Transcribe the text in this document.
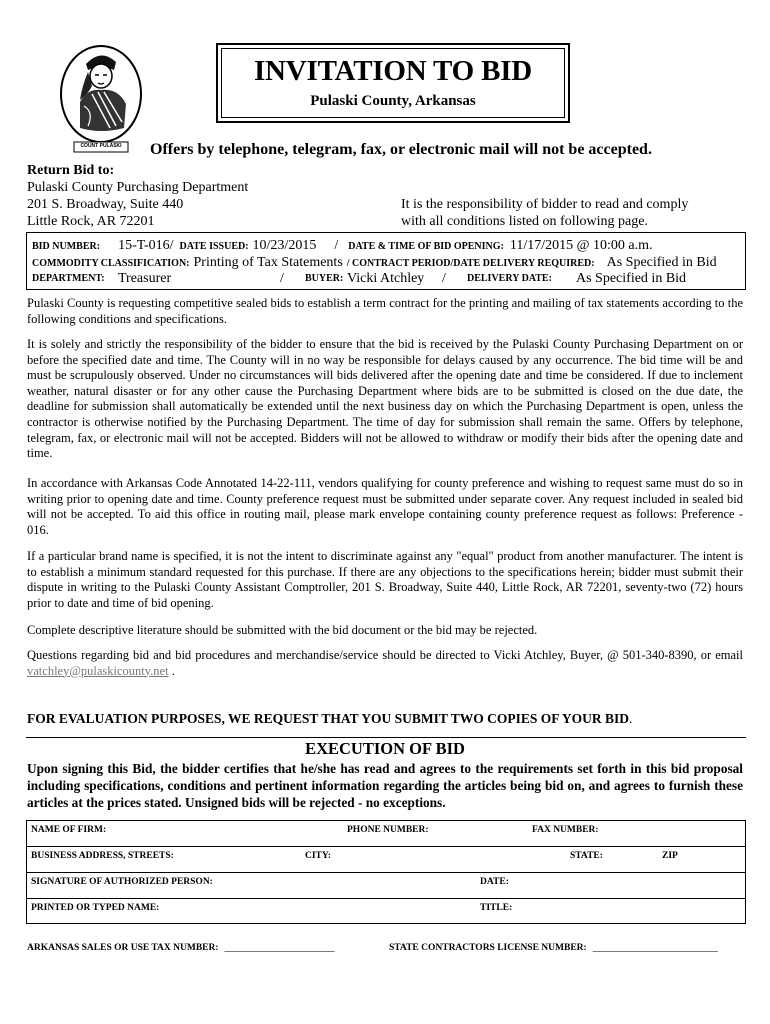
COUNT PULASKI
INVITATION TO BID
Pulaski County, Arkansas
Offers by telephone, telegram, fax, or electronic mail will not be accepted.
Return Bid to:
Pulaski County Purchasing Department
201 S. Broadway, Suite 440
Little Rock, AR 72201
It is the responsibility of bidder to read and comply
with all conditions listed on following page.
BID NUMBER: 15-T-016/ DATE ISSUED: 10/23/2015 / DATE & TIME OF BID OPENING: 11/17/2015 @ 10:00 a.m.
COMMODITY CLASSIFICATION: Printing of Tax Statements / CONTRACT PERIOD/DATE DELIVERY REQUIRED: As Specified in Bid
DEPARTMENT: Treasurer	/ BUYER: Vicki Atchley / DELIVERY DATE: As Specified in Bid

Pulaski County is requesting competitive sealed bids to establish a term contract for the printing and mailing of tax statements according to the following conditions and specifications.

It is solely and strictly the responsibility of the bidder to ensure that the bid is received by the Pulaski County Purchasing Department on or before the specified date and time. The County will in no way be responsible for delays caused by any occurrence. The bid time will be and must be scrupulously observed. Under no circumstances will bids delivered after the opening date and time be considered. If due to inclement weather, natural disaster or for any other cause the Purchasing Department where bids are to be submitted is closed on the due date, the deadline for submission shall automatically be extended until the next business day on which the Purchasing Department is open, unless the contractor is otherwise notified by the Purchasing Department. The time of day for submission shall remain the same. Offers by telephone, telegram, fax, or electronic mail will not be accepted. Bidders will not be allowed to withdraw or modify their bids after the opening date and time.

In accordance with Arkansas Code Annotated 14-22-111, vendors qualifying for county preference and wishing to request same must do so in writing prior to opening date and time. County preference request must be submitted under separate cover. Any request included in sealed bid will not be accepted. To aid this office in routing mail, please mark envelope containing county preference request as follows: Preference - 016.

If a particular brand name is specified, it is not the intent to discriminate against any "equal" product from another manufacturer. The intent is to establish a minimum standard requested for this purchase. If there are any objections to the specifications herein; bidder must submit their dispute in writing to the Pulaski County Assistant Comptroller, 201 S. Broadway, Suite 440, Little Rock, AR 72201, seventy-two (72) hours prior to date and time of bid opening.

Complete descriptive literature should be submitted with the bid document or the bid may be rejected.

Questions regarding bid and bid procedures and merchandise/service should be directed to Vicki Atchley, Buyer, @ 501-340-8390, or email vatchley@pulaskicounty.net .

FOR EVALUATION PURPOSES, WE REQUEST THAT YOU SUBMIT TWO COPIES OF YOUR BID.
EXECUTION OF BID

Upon signing this Bid, the bidder certifies that he/she has read and agrees to the requirements set forth in this bid proposal including specifications, conditions and pertinent information regarding the articles being bid on, and agrees to furnish these articles at the prices stated. Unsigned bids will be rejected - no exceptions.

NAME OF FIRM:	PHONE NUMBER:	FAX NUMBER:
BUSINESS ADDRESS, STREETS:	CITY:	STATE:	ZIP
SIGNATURE OF AUTHORIZED PERSON:	DATE:
PRINTED OR TYPED NAME:	TITLE:
ARKANSAS SALES OR USE TAX NUMBER: ______________________	STATE CONTRACTORS LICENSE NUMBER: _________________________
